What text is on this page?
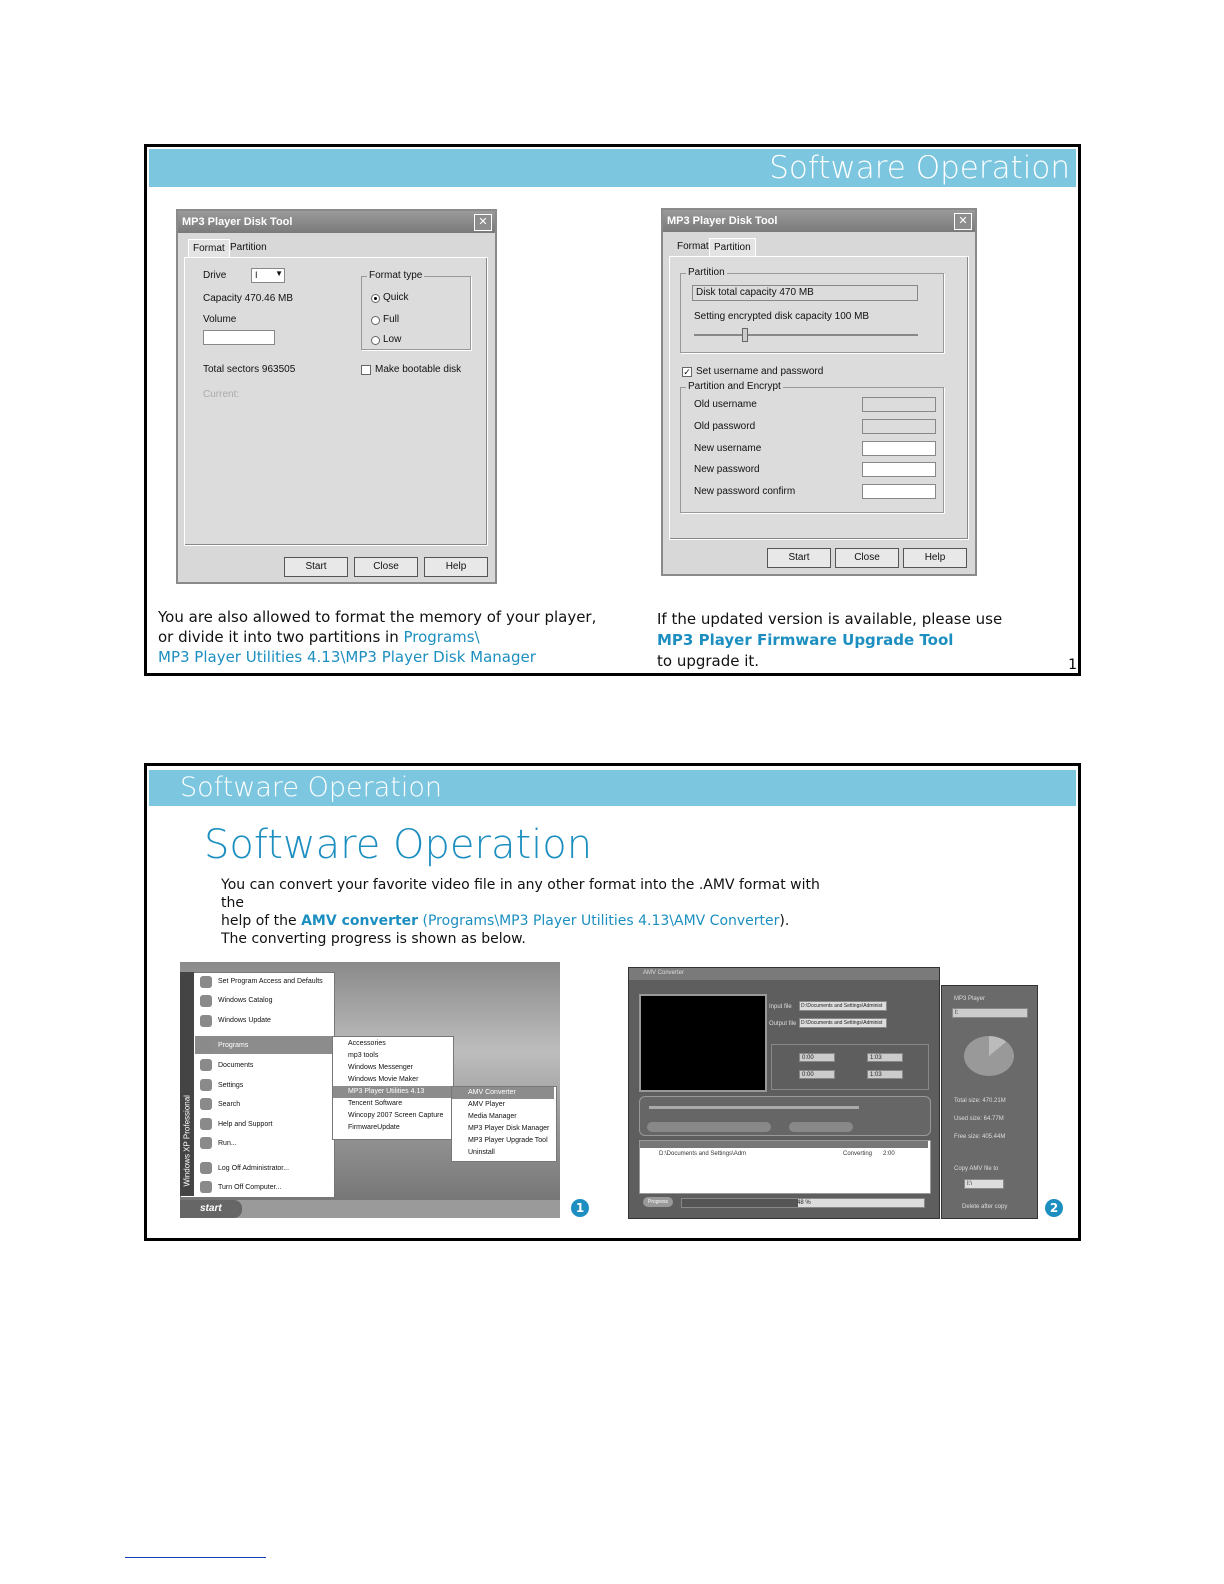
Software Operation
MP3 Player Disk Tool	✕
Format Partition
Drive	I ▼
Capacity 470.46 MB
Volume
Format type
Quick
Full
Low
Total sectors 963505	Make bootable disk
Current:
Start	Close	Help
MP3 Player Disk Tool	✕
Format Partition
Partition
Disk total capacity 470 MB
Setting encrypted disk capacity 100 MB
✓ Set username and password
Partition and Encrypt
Old username
Old password
New username
New password
New password confirm
Start	Close	Help
You are also allowed to format the memory of your player,
or divide it into two partitions in Programs\
MP3 Player Utilities 4.13\MP3 Player Disk Manager
If the updated version is available, please use
MP3 Player Firmware Upgrade Tool
to upgrade it.	1
Software Operation
Software Operation
You can convert your favorite video file in any other format into the .AMV format with the
help of the AMV converter (Programs\MP3 Player Utilities 4.13\AMV Converter).
The converting progress is shown as below.
Windows XP Professional
Set Program Access and Defaults
Windows Catalog
Windows Update
Programs
Documents
Settings
Search
Help and Support
Run...
Log Off Administrator...
Turn Off Computer...
Accessories
mp3 tools
Windows Messenger
Windows Movie Maker
MP3 Player Utilities 4.13
Tencent Software
Wincopy 2007 Screen Capture
FirmwareUpdate
AMV Converter
AMV Player
Media Manager
MP3 Player Disk Manager
MP3 Player Upgrade Tool
Uninstall
start	1
AMV Converter
Input file D:\Documents and Settings\Administ
Output file D:\Documents and Settings\Administ
0:00	1:03
0:00	1:03
D:\Documents and Settings\Adm	Converting 2:00
Progress	48 %
MP3 Player
I:
Total size: 470.21M
Used size: 64.77M
Free size: 405.44M
Copy AMV file to
I:\
Delete after copy	2
